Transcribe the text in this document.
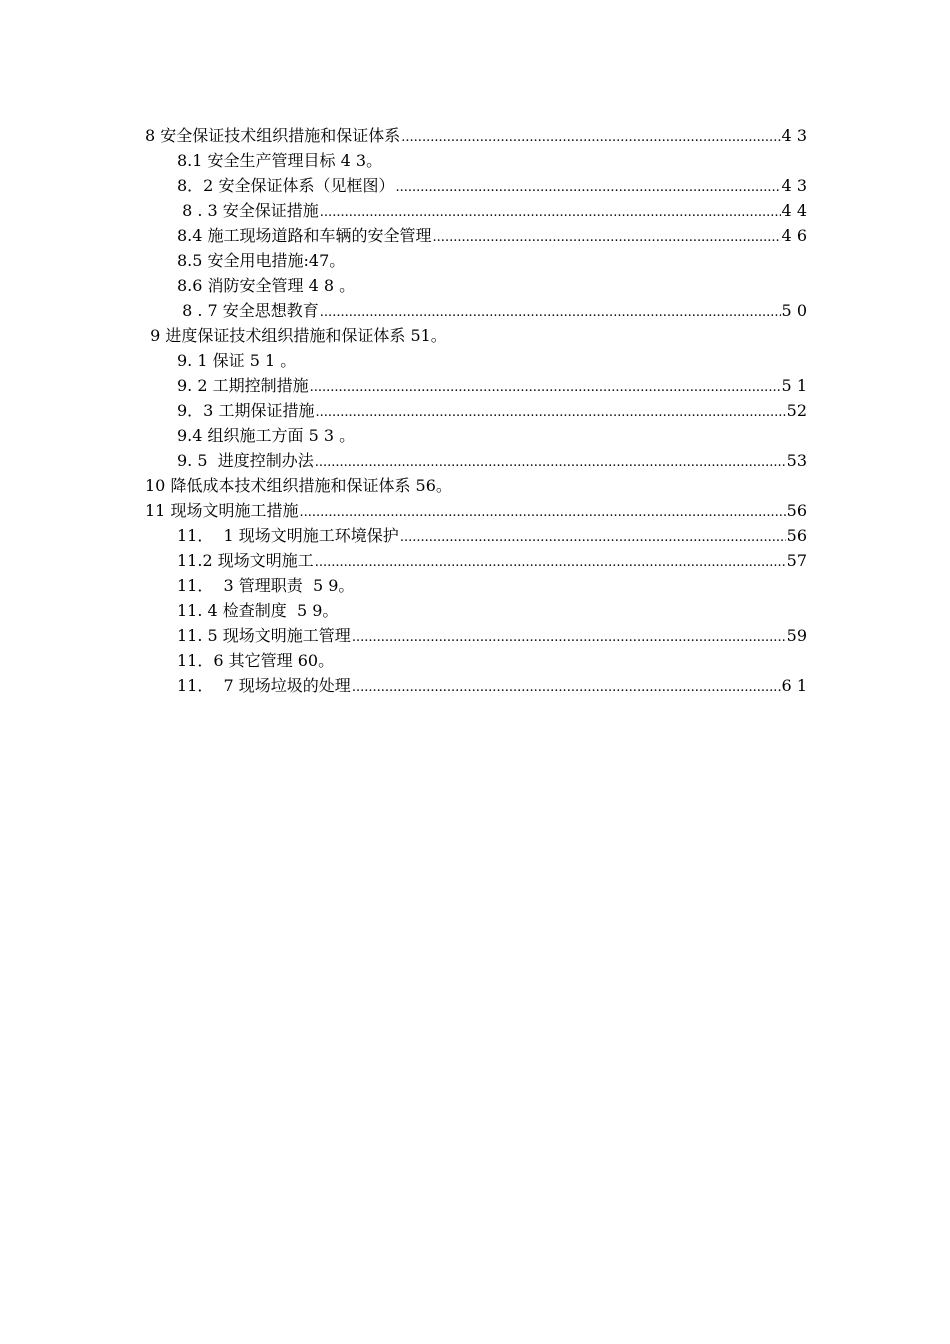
8 安全保证技术组织措施和保证体系 .....	4 3
8.1 安全生产管理目标 4 3。
8．2 安全保证体系（见框图） .....	4 3
8 . 3 安全保证措施 .....	4 4
8.4 施工现场道路和车辆的安全管理 .....	4 6
8.5 安全用电措施:47。
8.6 消防安全管理 4 8 。
8 . 7 安全思想教育 .....	5 0
9 进度保证技术组织措施和保证体系 51。
9. 1 保证 5 1 。
9. 2 工期控制措施 .....	5 1
9．3 工期保证措施 .....	52
9.4 组织施工方面 5 3 。
9. 5  进度控制办法 .....	53
10 降低成本技术组织措施和保证体系 56。
11 现场文明施工措施 .....	56
11．  1 现场文明施工环境保护 .....	56
11.2 现场文明施工 .....	57
11．  3 管理职责  5 9。
11. 4 检查制度  5 9。
11. 5 现场文明施工管理 .....	59
11．6 其它管理 60。
11．  7 现场垃圾的处理 .....	6 1
